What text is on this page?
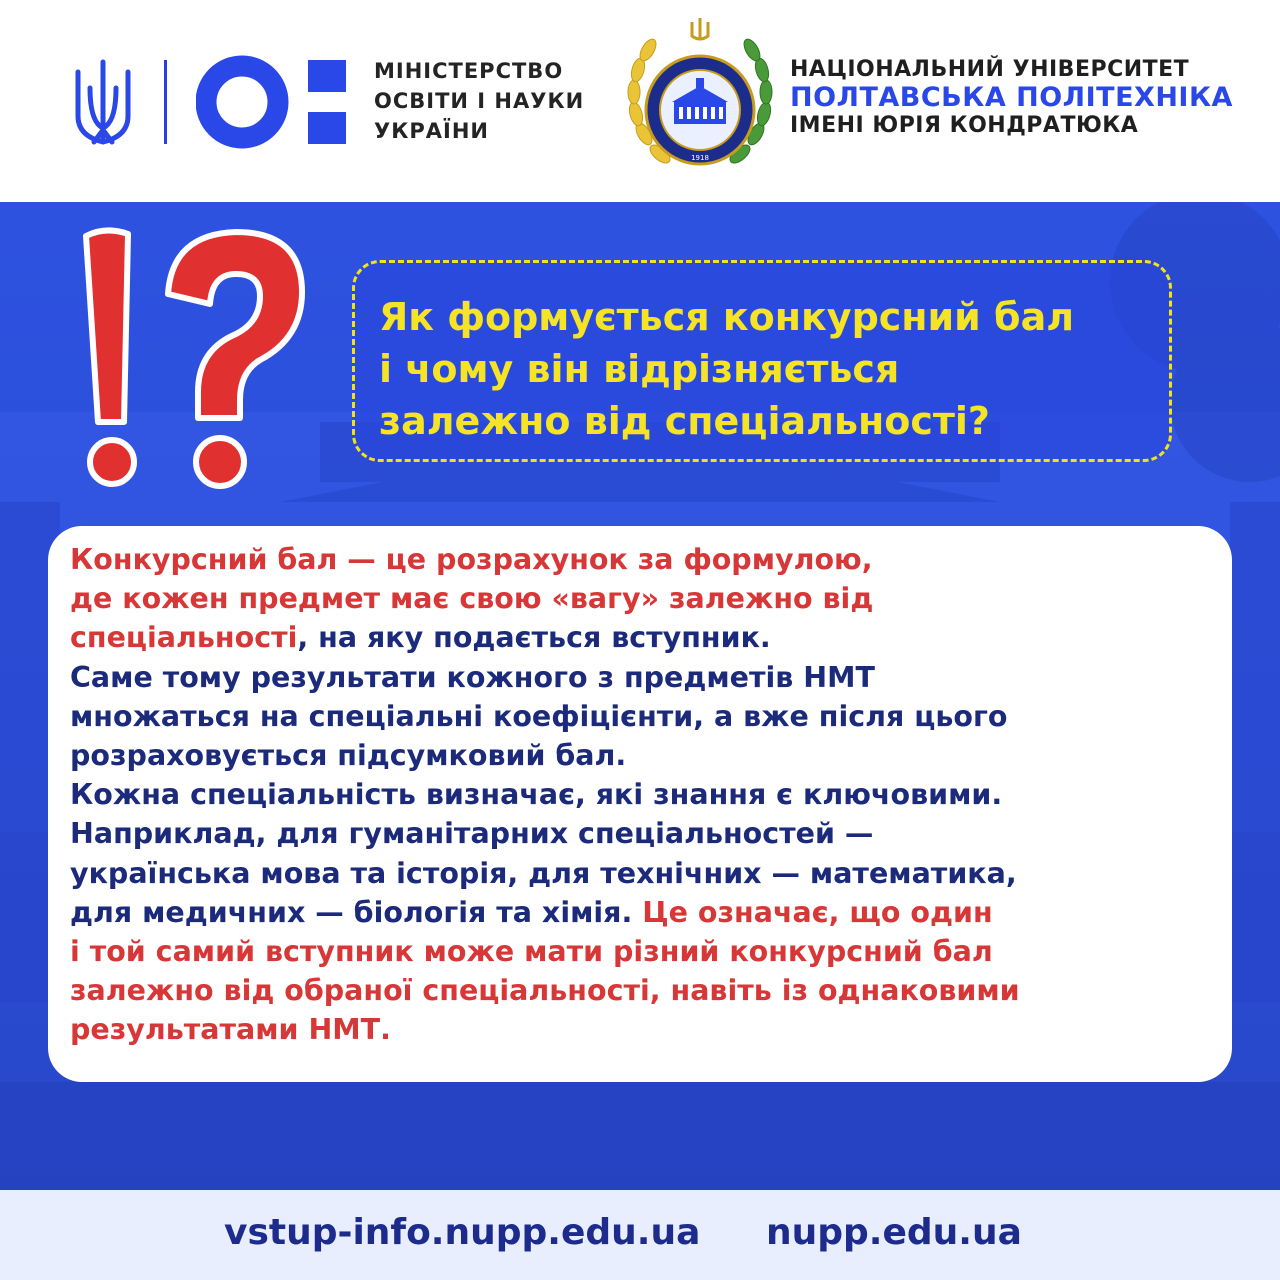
МІНІСТЕРСТВО
ОСВІТИ І НАУКИ
УКРАЇНИ
1918
НАЦІОНАЛЬНИЙ УНІВЕРСИТЕТ
ПОЛТАВСЬКА ПОЛІТЕХНІКА
ІМЕНІ ЮРІЯ КОНДРАТЮКА
Як формується конкурсний бал
і чому він відрізняється
залежно від спеціальності?
Конкурсний бал — це розрахунок за формулою,
де кожен предмет має свою «вагу» залежно від
спеціальності, на яку подається вступник.
Саме тому результати кожного з предметів НМТ
множаться на спеціальні коефіцієнти, а вже після цього
розраховується підсумковий бал.
Кожна спеціальність визначає, які знання є ключовими.
Наприклад, для гуманітарних спеціальностей —
українська мова та історія, для технічних — математика,
для медичних — біологія та хімія. Це означає, що один
і той самий вступник може мати різний конкурсний бал
залежно від обраної спеціальності, навіть із однаковими
результатами НМТ.
vstup-info.nupp.edu.ua nupp.edu.ua
